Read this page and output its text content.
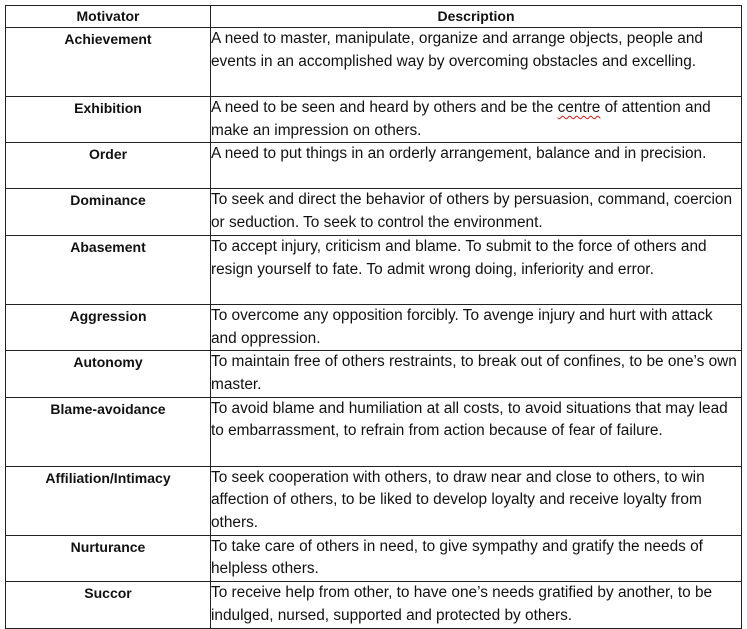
Motivator	Description
Achievement	A need to master, manipulate, organize and arrange objects, people and events in an accomplished way by overcoming obstacles and excelling.
Exhibition	A need to be seen and heard by others and be the centre of attention and make an impression on others.
Order	A need to put things in an orderly arrangement, balance and in precision.
Dominance	To seek and direct the behavior of others by persuasion, command, coercion or seduction. To seek to control the environment.
Abasement	To accept injury, criticism and blame. To submit to the force of others and resign yourself to fate. To admit wrong doing, inferiority and error.
Aggression	To overcome any opposition forcibly. To avenge injury and hurt with attack and oppression.
Autonomy	To maintain free of others restraints, to break out of confines, to be one’s own master.
Blame-avoidance	To avoid blame and humiliation at all costs, to avoid situations that may lead to embarrassment, to refrain from action because of fear of failure.
Affiliation/Intimacy	To seek cooperation with others, to draw near and close to others, to win affection of others, to be liked to develop loyalty and receive loyalty from others.
Nurturance	To take care of others in need, to give sympathy and gratify the needs of helpless others.
Succor	To receive help from other, to have one’s needs gratified by another, to be indulged, nursed, supported and protected by others.
